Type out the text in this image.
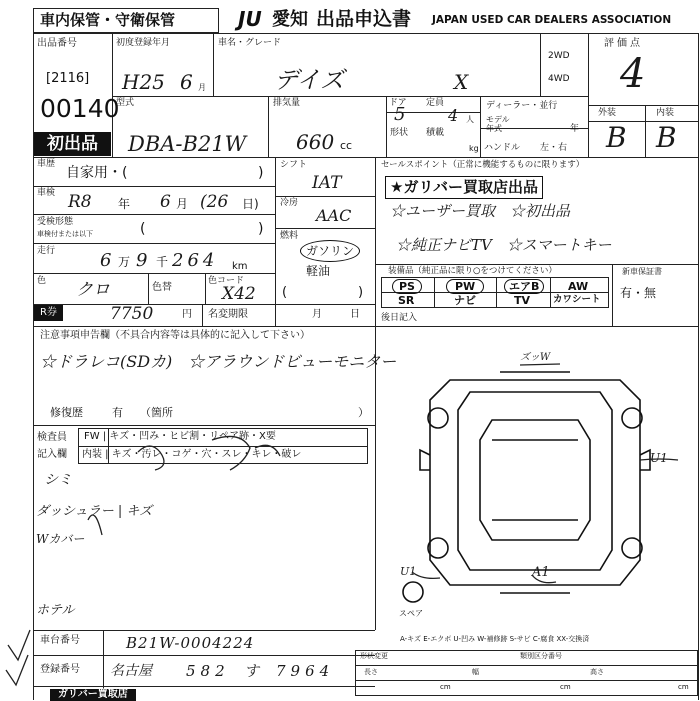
車内保管・守衛保管	JU 愛知 出品申込書 JAPAN USED CAR DEALERS ASSOCIATION
出品番号
[2116]
00140
初出品
初度登録年月
H25 6 月
車名・グレード
デイズ	X
2WD
4WD
評価点
4
外装	内装
B B
型式
DBA-B21W
排気量
660 cc
ドア
5
定員
4 人
形状 積載
kg
ディーラー・並行
モデル
年式	年
ハンドル 左・右
車歴
自家用・(	)
車検 R8 年 6 月 (26 日)
受検形態
車検付または以下	(	)
走行 6 万 9 千 264 km
色 クロ	色替
色コード
X42
R券	7750	円 名変期限	月	日
シフト
IAT
冷房
AAC
燃料
ガソリン
軽油
(	)
セールスポイント（正常に機能するものに限ります）
★ガリバー買取店出品
☆ユーザー買取　☆初出品
☆純正ナビTV　☆スマートキー
装備品（純正品に限り○をつけてください）	新車保証書
有・無
PS	PW	エアB	AW
SR	ナビ	TV カワシート
注意事項申告欄（不具合内容等は具体的に記入して下さい）
☆ドラレコ(SDカ)　☆アラウンドビューモニター
修復歴	有 （箇所	）
後日記入
検査員
記入欄
FW | キズ・凹み・ヒビ割・リペア跡・X要
内装 | キズ・汚レ・コゲ・穴・スレ・キレ・破レ
シミ
ダッシュラー | キズ
Wカバー
ホテル
車台番号	B21W-0004224
登録番号 名古屋 582 す 7964
ガリバー買取店
ズッW
U1
U1	A1
スペア
A-キズ E-エクボ U-凹み W-補修跡 S-サビ C-腐食 XX-交換済
形状変更	類別区分番号
長さ	幅	高さ
cm	cm	cm
